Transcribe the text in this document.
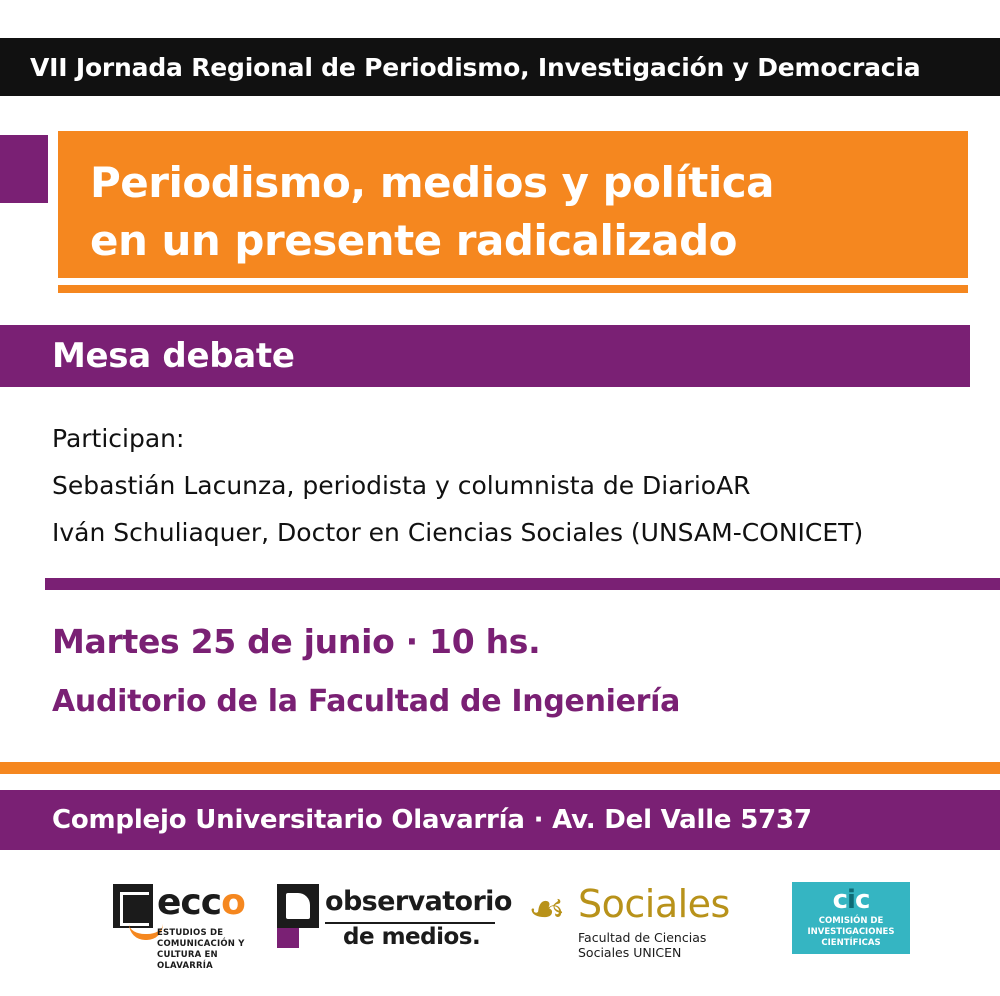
VII Jornada Regional de Periodismo, Investigación y Democracia
Periodismo, medios y política
en un presente radicalizado
Mesa debate
Participan:
Sebastián Lacunza, periodista y columnista de DiarioAR
Iván Schuliaquer, Doctor en Ciencias Sociales (UNSAM-CONICET)
Martes 25 de junio · 10 hs.
Auditorio de la Facultad de Ingeniería
Complejo Universitario Olavarría · Av. Del Valle 5737
ecco
ESTUDIOS DE COMUNICACIÓN Y
CULTURA EN OLAVARRÍA
observatorio
de medios.
☙ Sociales
Facultad de Ciencias Sociales UNICEN
cic
COMISIÓN DE
INVESTIGACIONES
CIENTÍFICAS
